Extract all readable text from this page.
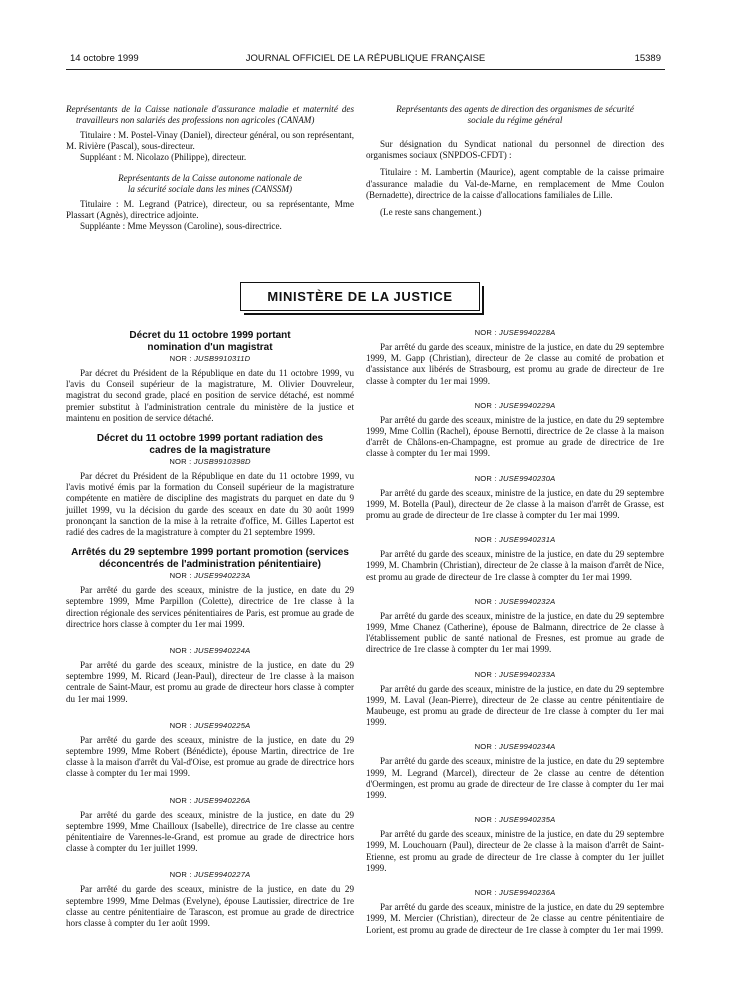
14 octobre 1999	JOURNAL OFFICIEL DE LA RÉPUBLIQUE FRANÇAISE	15389

Représentants de la Caisse nationale d'assurance maladie et maternité des travailleurs non salariés des professions non agricoles (CANAM)

Titulaire : M. Postel-Vinay (Daniel), directeur général, ou son représentant, M. Rivière (Pascal), sous-directeur.

Suppléant : M. Nicolazo (Philippe), directeur.

Représentants de la Caisse autonome nationale de la sécurité sociale dans les mines (CANSSM)

Titulaire : M. Legrand (Patrice), directeur, ou sa représentante, Mme Plassart (Agnès), directrice adjointe.

Suppléante : Mme Meysson (Caroline), sous-directrice.

Représentants des agents de direction des organismes de sécurité sociale du régime général

Sur désignation du Syndicat national du personnel de direction des organismes sociaux (SNPDOS-CFDT) :

Titulaire : M. Lambertin (Maurice), agent comptable de la caisse primaire d'assurance maladie du Val-de-Marne, en remplacement de Mme Coulon (Bernadette), directrice de la caisse d'allocations familiales de Lille.

(Le reste sans changement.)

MINISTÈRE DE LA JUSTICE

Décret du 11 octobre 1999 portant nomination d'un magistrat

NOR : JUSB9910311D

Par décret du Président de la République en date du 11 octobre 1999, vu l'avis du Conseil supérieur de la magistrature, M. Olivier Douvreleur, magistrat du second grade, placé en position de service détaché, est nommé premier substitut à l'administration centrale du ministère de la justice et maintenu en position de service détaché.

Décret du 11 octobre 1999 portant radiation des cadres de la magistrature

NOR : JUSB9910398D

Par décret du Président de la République en date du 11 octobre 1999, vu l'avis motivé émis par la formation du Conseil supérieur de la magistrature compétente en matière de discipline des magistrats du parquet en date du 9 juillet 1999, vu la décision du garde des sceaux en date du 30 août 1999 prononçant la sanction de la mise à la retraite d'office, M. Gilles Lapertot est radié des cadres de la magistrature à compter du 21 septembre 1999.

Arrêtés du 29 septembre 1999 portant promotion (services déconcentrés de l'administration pénitentiaire)

NOR : JUSE9940223A

Par arrêté du garde des sceaux, ministre de la justice, en date du 29 septembre 1999, Mme Parpillon (Colette), directrice de 1re classe à la direction régionale des services pénitentiaires de Paris, est promue au grade de directrice hors classe à compter du 1er mai 1999.

NOR : JUSE9940224A

Par arrêté du garde des sceaux, ministre de la justice, en date du 29 septembre 1999, M. Ricard (Jean-Paul), directeur de 1re classe à la maison centrale de Saint-Maur, est promu au grade de directeur hors classe à compter du 1er mai 1999.

NOR : JUSE9940225A

Par arrêté du garde des sceaux, ministre de la justice, en date du 29 septembre 1999, Mme Robert (Bénédicte), épouse Martin, directrice de 1re classe à la maison d'arrêt du Val-d'Oise, est promue au grade de directrice hors classe à compter du 1er mai 1999.

NOR : JUSE9940226A

Par arrêté du garde des sceaux, ministre de la justice, en date du 29 septembre 1999, Mme Chailloux (Isabelle), directrice de 1re classe au centre pénitentiaire de Varennes-le-Grand, est promue au grade de directrice hors classe à compter du 1er juillet 1999.

NOR : JUSE9940227A

Par arrêté du garde des sceaux, ministre de la justice, en date du 29 septembre 1999, Mme Delmas (Evelyne), épouse Lautissier, directrice de 1re classe au centre pénitentiaire de Tarascon, est promue au grade de directrice hors classe à compter du 1er août 1999.

NOR : JUSE9940228A

Par arrêté du garde des sceaux, ministre de la justice, en date du 29 septembre 1999, M. Gapp (Christian), directeur de 2e classe au comité de probation et d'assistance aux libérés de Strasbourg, est promu au grade de directeur de 1re classe à compter du 1er mai 1999.

NOR : JUSE9940229A

Par arrêté du garde des sceaux, ministre de la justice, en date du 29 septembre 1999, Mme Collin (Rachel), épouse Bernotti, directrice de 2e classe à la maison d'arrêt de Châlons-en-Champagne, est promue au grade de directrice de 1re classe à compter du 1er mai 1999.

NOR : JUSE9940230A

Par arrêté du garde des sceaux, ministre de la justice, en date du 29 septembre 1999, M. Botella (Paul), directeur de 2e classe à la maison d'arrêt de Grasse, est promu au grade de directeur de 1re classe à compter du 1er mai 1999.

NOR : JUSE9940231A

Par arrêté du garde des sceaux, ministre de la justice, en date du 29 septembre 1999, M. Chambrin (Christian), directeur de 2e classe à la maison d'arrêt de Nice, est promu au grade de directeur de 1re classe à compter du 1er mai 1999.

NOR : JUSE9940232A

Par arrêté du garde des sceaux, ministre de la justice, en date du 29 septembre 1999, Mme Chanez (Catherine), épouse de Balmann, directrice de 2e classe à l'établissement public de santé national de Fresnes, est promue au grade de directrice de 1re classe à compter du 1er mai 1999.

NOR : JUSE9940233A

Par arrêté du garde des sceaux, ministre de la justice, en date du 29 septembre 1999, M. Laval (Jean-Pierre), directeur de 2e classe au centre pénitentiaire de Maubeuge, est promu au grade de directeur de 1re classe à compter du 1er mai 1999.

NOR : JUSE9940234A

Par arrêté du garde des sceaux, ministre de la justice, en date du 29 septembre 1999, M. Legrand (Marcel), directeur de 2e classe au centre de détention d'Oermingen, est promu au grade de directeur de 1re classe à compter du 1er mai 1999.

NOR : JUSE9940235A

Par arrêté du garde des sceaux, ministre de la justice, en date du 29 septembre 1999, M. Louchouarn (Paul), directeur de 2e classe à la maison d'arrêt de Saint-Etienne, est promu au grade de directeur de 1re classe à compter du 1er juillet 1999.

NOR : JUSE9940236A

Par arrêté du garde des sceaux, ministre de la justice, en date du 29 septembre 1999, M. Mercier (Christian), directeur de 2e classe au centre pénitentiaire de Lorient, est promu au grade de directeur de 1re classe à compter du 1er mai 1999.
